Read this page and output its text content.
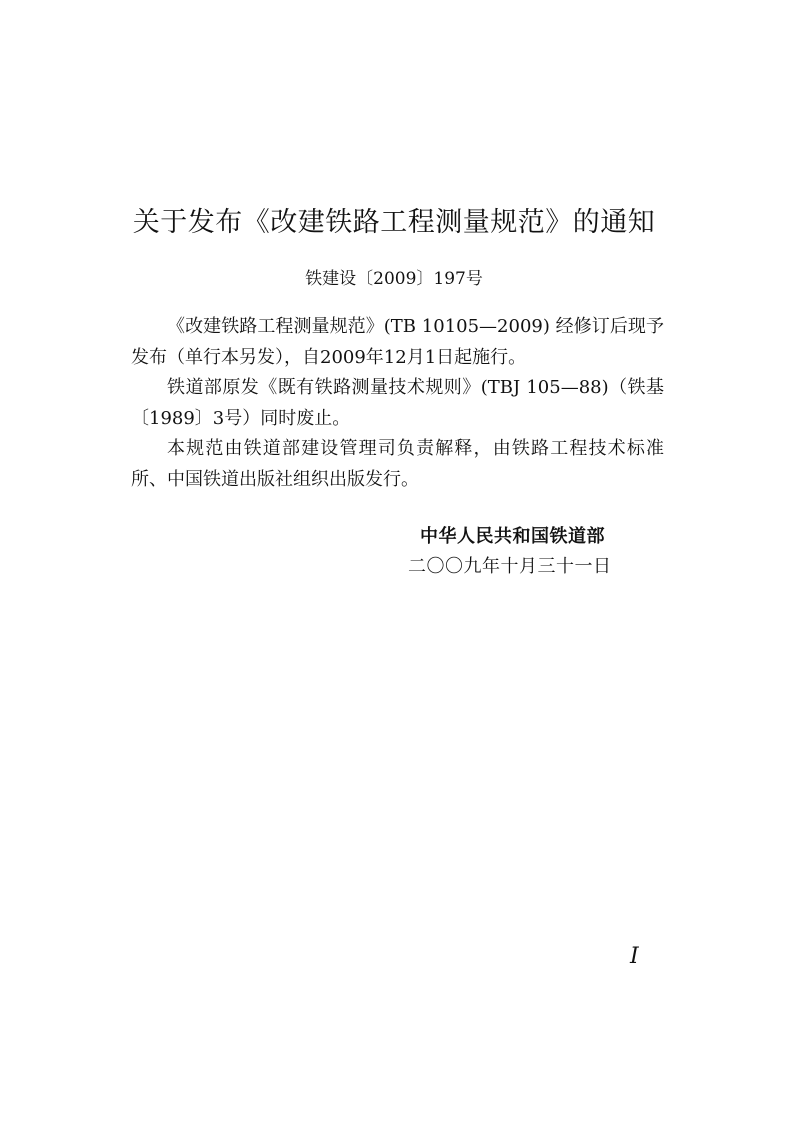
关于发布《改建铁路工程测量规范》的通知
铁建设〔2009〕197号

《改建铁路工程测量规范》(TB 10105—2009) 经修订后现予发布（单行本另发），自2009年12月1日起施行。

铁道部原发《既有铁路测量技术规则》(TBJ 105—88)（铁基〔1989〕3号）同时废止。

本规范由铁道部建设管理司负责解释，由铁路工程技术标准所、中国铁道出版社组织出版发行。

中华人民共和国铁道部

二〇〇九年十月三十一日

I
